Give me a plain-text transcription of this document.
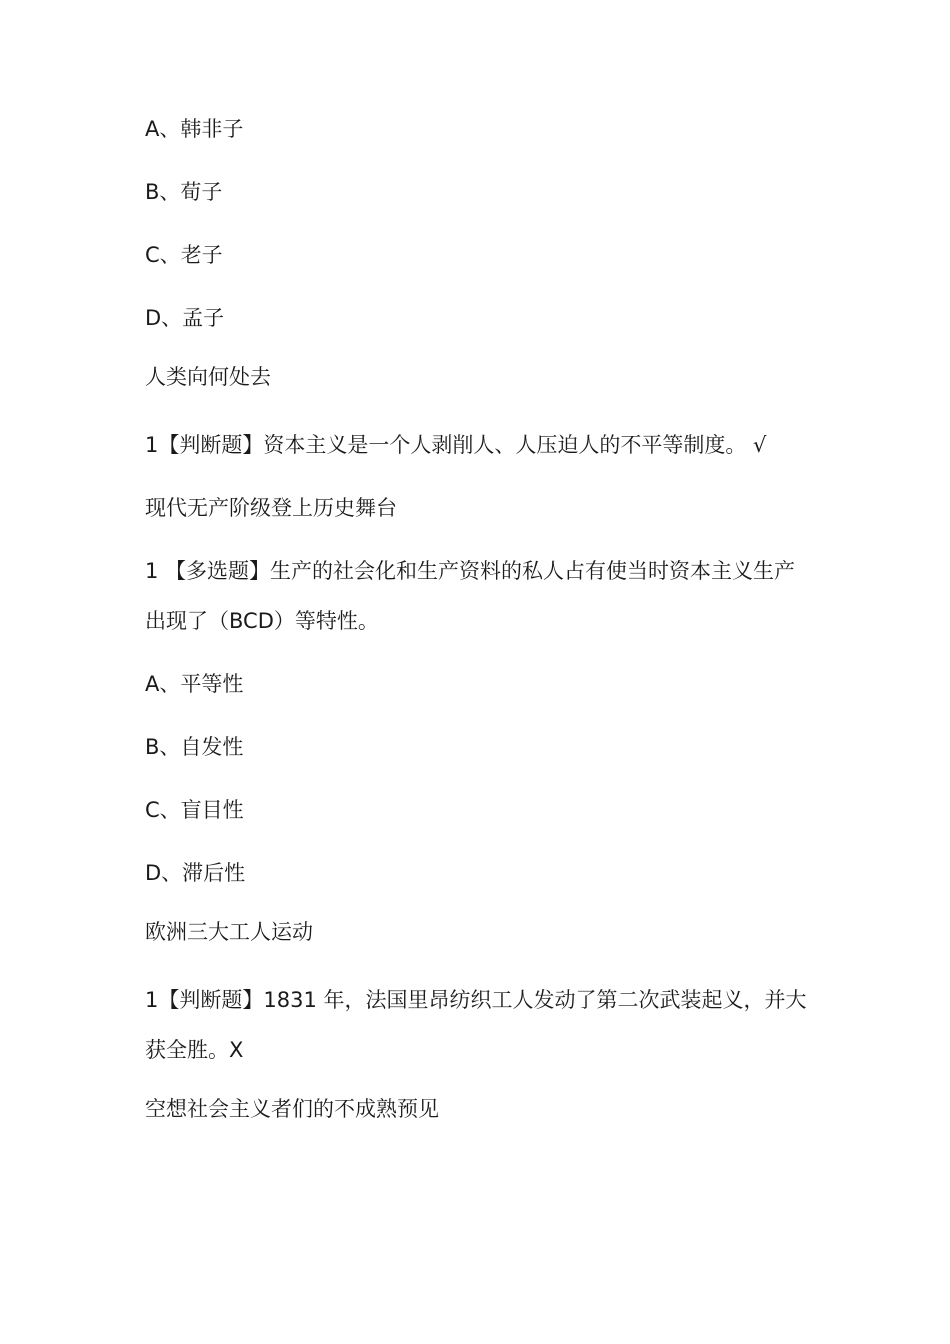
A、韩非子
B、荀子
C、老子
D、孟子
人类向何处去
1【判断题】资本主义是一个人剥削人、人压迫人的不平等制度。 √
现代无产阶级登上历史舞台
1 【多选题】生产的社会化和生产资料的私人占有使当时资本主义生产
出现了（BCD）等特性。
A、平等性
B、自发性
C、盲目性
D、滞后性
欧洲三大工人运动
1【判断题】1831 年，法国里昂纺织工人发动了第二次武装起义，并大
获全胜。X
空想社会主义者们的不成熟预见
